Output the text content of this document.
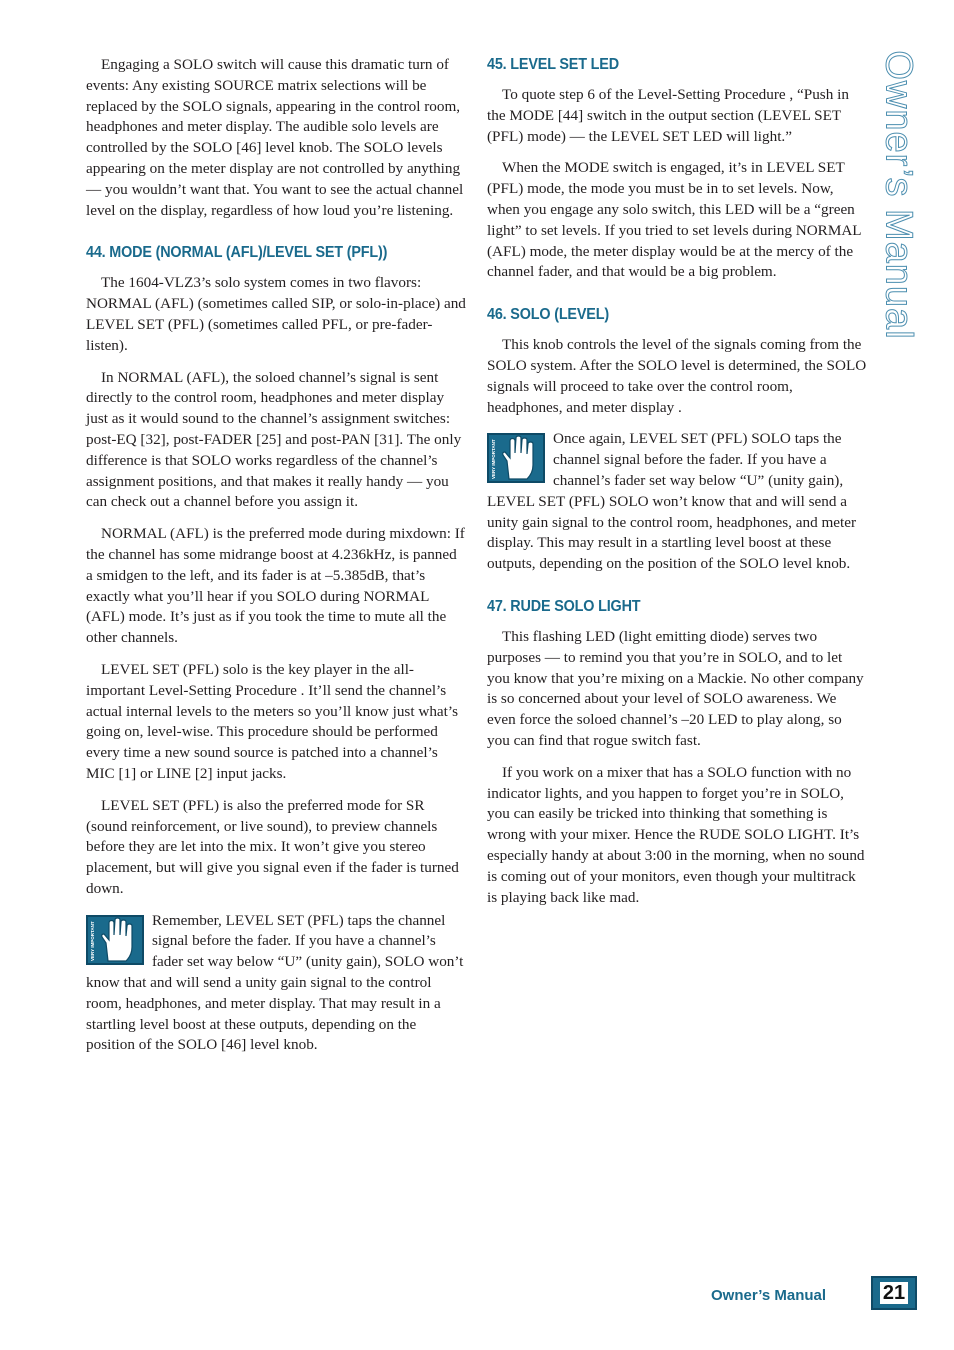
Engaging a SOLO switch will cause this dramatic turn of events: Any existing SOURCE matrix selections will be replaced by the SOLO signals, appearing in the control room, headphones and meter display. The audible solo levels are controlled by the SOLO [46] level knob. The SOLO levels appearing on the meter display are not controlled by anything — you wouldn’t want that. You want to see the actual channel level on the display, regardless of how loud you’re listening.

44. MODE (NORMAL (AFL)/LEVEL SET (PFL))

The 1604-VLZ3’s solo system comes in two flavors: NORMAL (AFL) (sometimes called SIP, or solo-in-place) and LEVEL SET (PFL) (sometimes called PFL, or pre-fader-listen).

In NORMAL (AFL), the soloed channel’s signal is sent directly to the control room, headphones and meter display just as it would sound to the channel’s assignment switches: post-EQ [32], post-FADER [25] and post-PAN [31]. The only difference is that SOLO works regardless of the channel’s assignment positions, and that makes it really handy — you can check out a channel before you assign it.

NORMAL (AFL) is the preferred mode during mixdown: If the channel has some midrange boost at 4.236kHz, is panned a smidgen to the left, and its fader is at –5.385dB, that’s exactly what you’ll hear if you SOLO during NORMAL (AFL) mode. It’s just as if you took the time to mute all the other channels.

LEVEL SET (PFL) solo is the key player in the all-important Level-Setting Procedure . It’ll send the channel’s actual internal levels to the meters so you’ll know just what’s going on, level-wise. This procedure should be performed every time a new sound source is patched into a channel’s MIC [1] or LINE [2] input jacks.

LEVEL SET (PFL) is also the preferred mode for SR (sound reinforcement, or live sound), to preview channels before they are let into the mix. It won’t give you stereo placement, but will give you signal even if the fader is turned down.

VERY IMPORTANT

Remember, LEVEL SET (PFL) taps the channel signal before the fader. If you have a channel’s fader set way below “U” (unity gain), SOLO won’t know that and will send a unity gain signal to the control room, headphones, and meter display. That may result in a startling level boost at these outputs, depending on the position of the SOLO [46] level knob.

45. LEVEL SET LED

To quote step 6 of the Level-Setting Procedure , “Push in the MODE [44] switch in the output section (LEVEL SET (PFL) mode) — the LEVEL SET LED will light.”

When the MODE switch is engaged, it’s in LEVEL SET (PFL) mode, the mode you must be in to set levels. Now, when you engage any solo switch, this LED will be a “green light” to set levels. If you tried to set levels during NORMAL (AFL) mode, the meter display would be at the mercy of the channel fader, and that would be a big problem.

46. SOLO (LEVEL)

This knob controls the level of the signals coming from the SOLO system. After the SOLO level is determined, the SOLO signals will proceed to take over the control room, headphones, and meter display .

VERY IMPORTANT

Once again, LEVEL SET (PFL) SOLO taps the channel signal before the fader. If you have a channel’s fader set way below “U” (unity gain), LEVEL SET (PFL) SOLO won’t know that and will send a unity gain signal to the control room, headphones, and meter display. This may result in a startling level boost at these outputs, depending on the position of the SOLO level knob.

47. RUDE SOLO LIGHT

This flashing LED (light emitting diode) serves two purposes — to remind you that you’re in SOLO, and to let you know that you’re mixing on a Mackie. No other company is so concerned about your level of SOLO awareness. We even force the soloed channel’s –20 LED to play along, so you can find that rogue switch fast.

If you work on a mixer that has a SOLO function with no indicator lights, and you happen to forget you’re in SOLO, you can easily be tricked into thinking that something is wrong with your mixer. Hence the RUDE SOLO LIGHT. It’s especially handy at about 3:00 in the morning, when no sound is coming out of your monitors, even though your multitrack is playing back like mad.

Owner’s Manual
Owner’s Manual	21
